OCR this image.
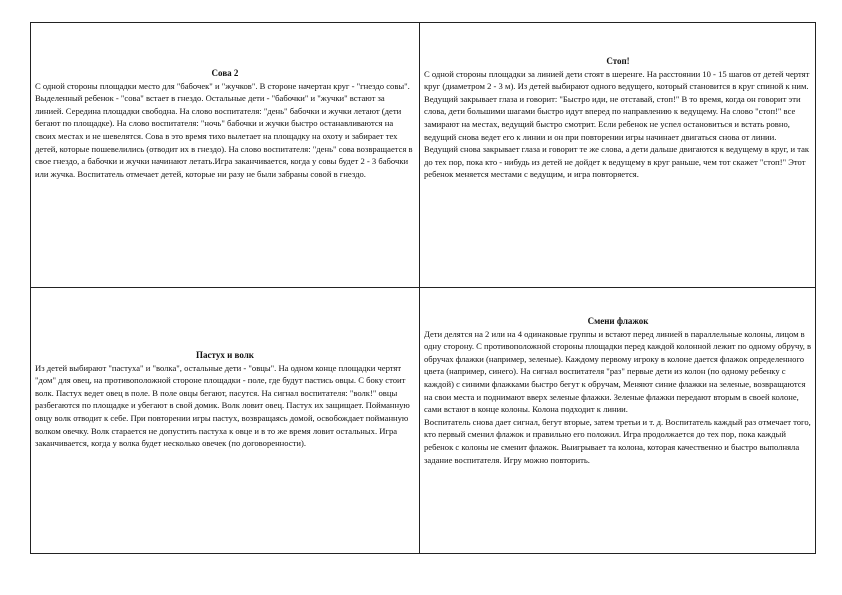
Сова 2

С одной стороны площадки место для "бабочек" и "жучков". В стороне начертан круг - "гнездо совы". Выделенный ребенок - "сова" встает в гнездо. Остальные дети - "бабочки" и "жучки" встают за линией. Середина площадки свободна. На слово воспитателя: "день" бабочки и жучки летают (дети бегают по площадке). На слово воспитателя: "ночь" бабочки и жучки быстро останавливаются на своих местах и не шевелятся. Сова в это время тихо вылетает на площадку на охоту и забирает тех детей, которые пошевелились (отводит их в гнездо). На слово воспитателя: "день" сова возвращается в свое гнездо, а бабочки и жучки начинают летать.Игра заканчивается, когда у совы будет 2 - 3 бабочки или жучка. Воспитатель отмечает детей, которые ни разу не были забраны совой в гнездо.

Стоп!

С одной стороны площадки за линией дети стоят в шеренге. На расстоянии 10 - 15 шагов от детей чертят круг (диаметром 2 - 3 м). Из детей выбирают одного ведущего, который становится в круг спиной к ним.

Ведущий закрывает глаза и говорит: "Быстро иди, не отставай, стоп!" В то время, когда он говорит эти слова, дети большими шагами быстро идут вперед по направлению к ведущему. На слово "стоп!" все замирают на местах, ведущий быстро смотрит. Если ребенок не успел остановиться и встать ровно, ведущий снова ведет его к линии и он при повторении игры начинает двигаться снова от линии.

Ведущий снова закрывает глаза и говорит те же слова, а дети дальше двигаются к ведущему в круг, и так до тех пор, пока кто - нибудь из детей не дойдет к ведущему в круг раньше, чем тот скажет "стоп!" Этот ребенок меняется местами с ведущим, и игра повторяется.

Пастух и волк

Из детей выбирают "пастуха" и "волка", остальные дети - "овцы". На одном конце площадки чертят "дом" для овец, на противоположной стороне площадки - поле, где будут пастись овцы. С боку стоит волк. Пастух ведет овец в поле. В поле овцы бегают, пасутся. На сигнал воспитателя: "волк!" овцы разбегаются по площадке и убегают в свой домик. Волк ловит овец. Пастух их защищает. Пойманную овцу волк отводит к себе. При повторении игры пастух, возвращаясь домой, освобождает пойманную волком овечку. Волк старается не допустить пастуха к овце и в то же время ловит остальных. Игра заканчивается, когда у волка будет несколько овечек (по договоренности).

Смени флажок

Дети делятся на 2 или на 4 одинаковые группы и встают перед линией в параллельные колоны, лицом в одну сторону. С противоположной стороны площадки перед каждой колонной лежит по одному обручу, в обручах флажки (например, зеленые). Каждому первому игроку в колоне дается флажок определенного цвета (например, синего). На сигнал воспитателя "раз" первые дети из колон (по одному ребенку с каждой) с синими флажками быстро бегут к обручам, Меняют синие флажки на зеленые, возвращаются на свои места и поднимают вверх зеленые флажки. Зеленые флажки передают вторым в своей колоне, сами встают в конце колоны. Колона подходит к линии.

Воспитатель снова дает сигнал, бегут вторые, затем третьи и т. д. Воспитатель каждый раз отмечает того, кто первый сменил флажок и правильно его положил. Игра продолжается до тех пор, пока каждый ребенок с колоны не сменит флажок. Выигрывает та колона, которая качественно и быстро выполняла задание воспитателя. Игру можно повторить.
